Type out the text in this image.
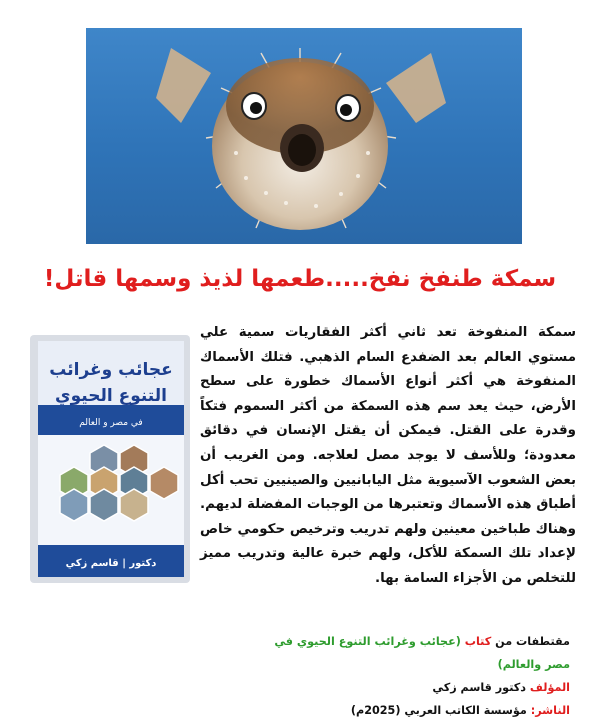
سمكة طنفخ نفخ.....طعمها لذيذ وسمها قاتل!
عجائب وغرائب
التنوع الحيوي
في مصر و العالم
دكتور | قاسم زكي
سمكة المنفوخة تعد ثاني أكثر الفقاريات سمية علي مستوي العالم بعد الضفدع السام الذهبي. فتلك الأسماك المنفوخة هي أكثر أنواع الأسماك خطورة على سطح الأرض، حيث يعد سم هذه السمكة من أكثر السموم فتكاً وقدرة على القتل. فيمكن أن يقتل الإنسان في دقائق معدودة؛ وللأسف لا يوجد مصل لعلاجه. ومن الغريب أن بعض الشعوب الآسيوية مثل اليابانيين والصينيين تحب أكل أطباق هذه الأسماك وتعتبرها من الوجبات المفضلة لديهم. وهناك طباخين معينين ولهم تدريب وترخيص حكومي خاص لإعداد تلك السمكة للأكل، ولهم خبرة عالية وتدريب مميز للتخلص من الأجزاء السامة بها.
مقتطفات من كتاب (عجائب وغرائب التنوع الحيوي في مصر والعالم)
المؤلف دكتور قاسم زكي
الناشر: مؤسسة الكاتب العربي (2025م)
